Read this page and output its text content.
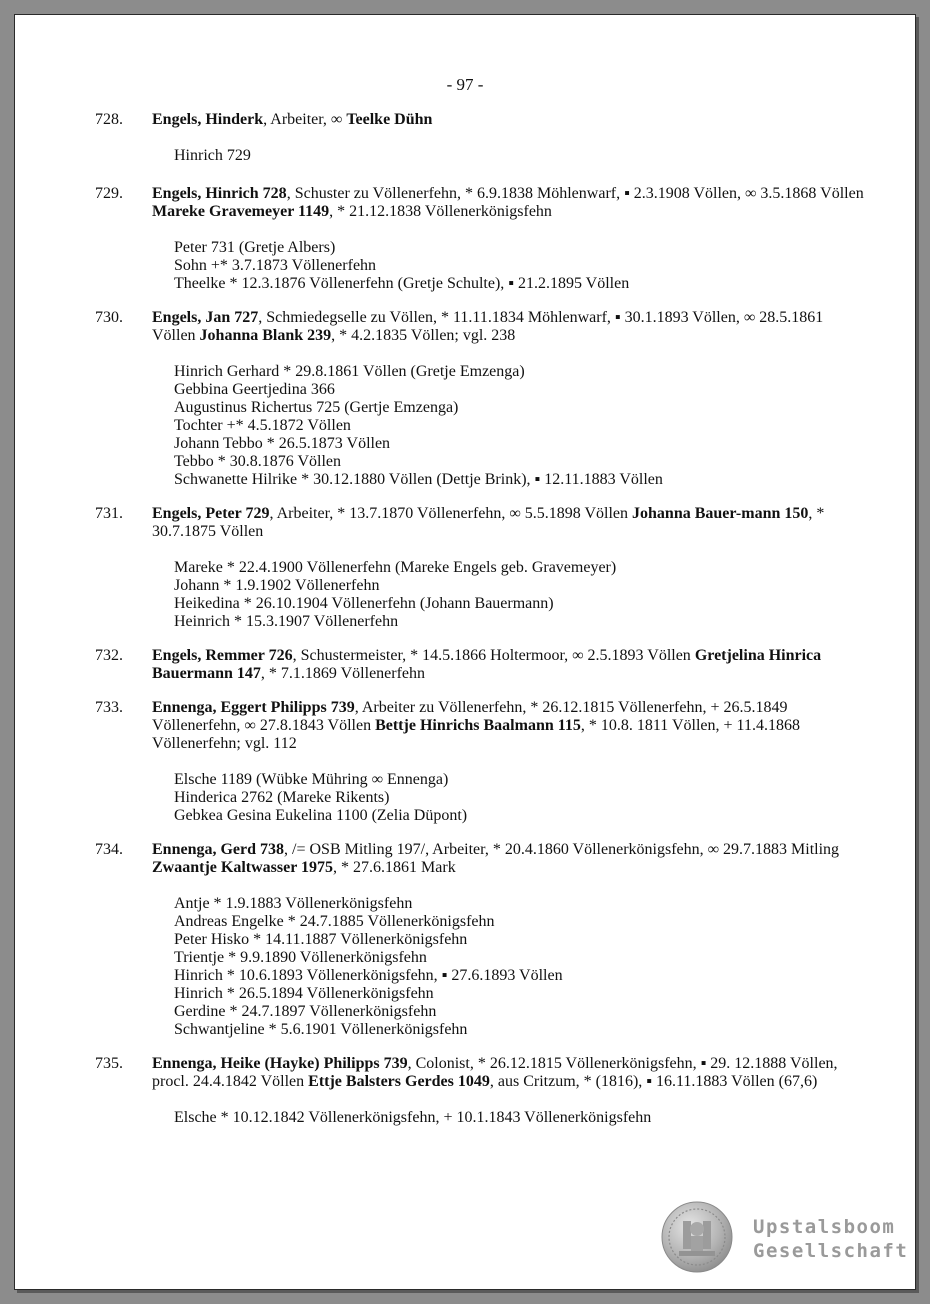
- 97 -
728. Engels, Hinderk, Arbeiter, ∞ Teelke Dühn
Hinrich 729
729. Engels, Hinrich 728, Schuster zu Völlenerfehn, * 6.9.1838 Möhlenwarf, ▪ 2.3.1908 Völlen, ∞ 3.5.1868 Völlen Mareke Gravemeyer 1149, * 21.12.1838 Völlenerkönigsfehn
Peter 731 (Gretje Albers)
Sohn +* 3.7.1873 Völlenerfehn
Theelke * 12.3.1876 Völlenerfehn (Gretje Schulte), ▪ 21.2.1895 Völlen
730. Engels, Jan 727, Schmiedegselle zu Völlen, * 11.11.1834 Möhlenwarf, ▪ 30.1.1893 Völlen, ∞ 28.5.1861 Völlen Johanna Blank 239, * 4.2.1835 Völlen; vgl. 238
Hinrich Gerhard * 29.8.1861 Völlen (Gretje Emzenga)
Gebbina Geertjedina 366
Augustinus Richertus 725 (Gertje Emzenga)
Tochter +* 4.5.1872 Völlen
Johann Tebbo * 26.5.1873 Völlen
Tebbo * 30.8.1876 Völlen
Schwanette Hilrike * 30.12.1880 Völlen (Dettje Brink), ▪ 12.11.1883 Völlen
731. Engels, Peter 729, Arbeiter, * 13.7.1870 Völlenerfehn, ∞ 5.5.1898 Völlen Johanna Bauer-mann 150, * 30.7.1875 Völlen
Mareke * 22.4.1900 Völlenerfehn (Mareke Engels geb. Gravemeyer)
Johann * 1.9.1902 Völlenerfehn
Heikedina * 26.10.1904 Völlenerfehn (Johann Bauermann)
Heinrich * 15.3.1907 Völlenerfehn
732. Engels, Remmer 726, Schustermeister, * 14.5.1866 Holtermoor, ∞ 2.5.1893 Völlen Gretjelina Hinrica Bauermann 147, * 7.1.1869 Völlenerfehn
733. Ennenga, Eggert Philipps 739, Arbeiter zu Völlenerfehn, * 26.12.1815 Völlenerfehn, + 26.5.1849 Völlenerfehn, ∞ 27.8.1843 Völlen Bettje Hinrichs Baalmann 115, * 10.8. 1811 Völlen, + 11.4.1868 Völlenerfehn; vgl. 112
Elsche 1189 (Wübke Mühring ∞ Ennenga)
Hinderica 2762 (Mareke Rikents)
Gebkea Gesina Eukelina 1100 (Zelia Düpont)
734. Ennenga, Gerd 738, /= OSB Mitling 197/, Arbeiter, * 20.4.1860 Völlenerkönigsfehn, ∞ 29.7.1883 Mitling Zwaantje Kaltwasser 1975, * 27.6.1861 Mark
Antje * 1.9.1883 Völlenerkönigsfehn
Andreas Engelke * 24.7.1885 Völlenerkönigsfehn
Peter Hisko * 14.11.1887 Völlenerkönigsfehn
Trientje * 9.9.1890 Völlenerkönigsfehn
Hinrich * 10.6.1893 Völlenerkönigsfehn, ▪ 27.6.1893 Völlen
Hinrich * 26.5.1894 Völlenerkönigsfehn
Gerdine * 24.7.1897 Völlenerkönigsfehn
Schwantjeline * 5.6.1901 Völlenerkönigsfehn
735. Ennenga, Heike (Hayke) Philipps 739, Colonist, * 26.12.1815 Völlenerkönigsfehn, ▪ 29. 12.1888 Völlen, procl. 24.4.1842 Völlen Ettje Balsters Gerdes 1049, aus Critzum, * (1816), ▪ 16.11.1883 Völlen (67,6)
Elsche * 10.12.1842 Völlenerkönigsfehn, + 10.1.1843 Völlenerkönigsfehn
Upstalsboom
Gesellschaft
